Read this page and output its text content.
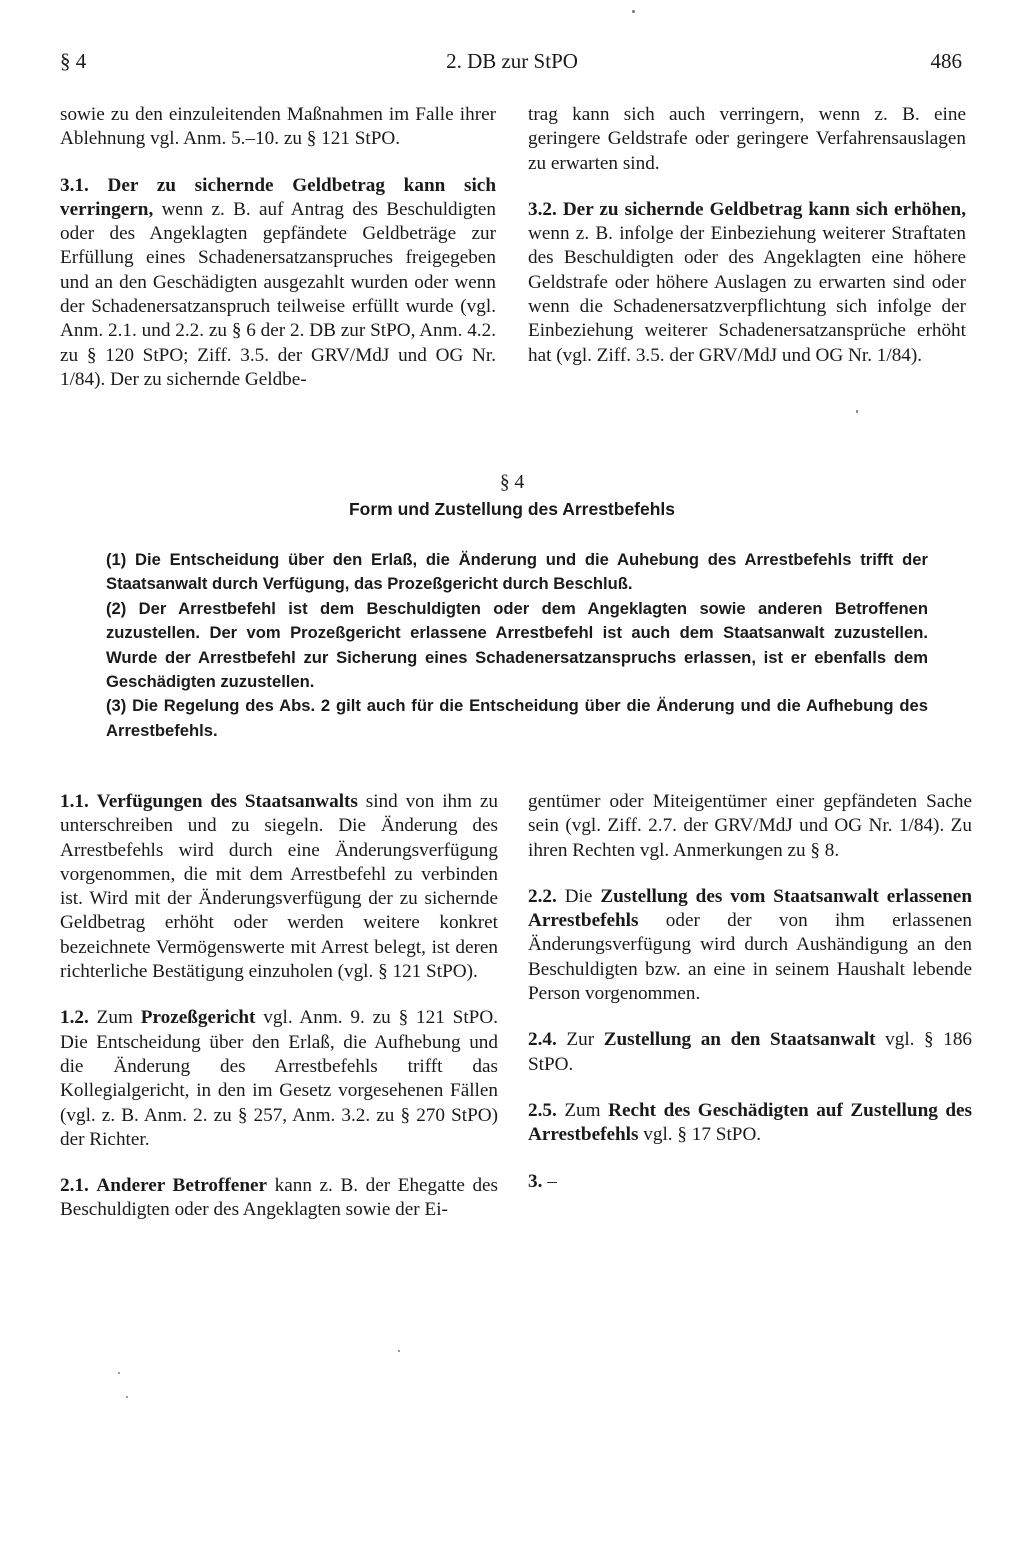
§ 4	2. DB zur StPO	486

sowie zu den einzuleitenden Maßnahmen im Falle ihrer Ablehnung vgl. Anm. 5.–10. zu § 121 StPO.

3.1. Der zu sichernde Geldbetrag kann sich verringern, wenn z. B. auf Antrag des Beschuldigten oder des Angeklagten gepfändete Geldbeträge zur Erfüllung eines Schadenersatzanspruches freigegeben und an den Geschädigten ausgezahlt wurden oder wenn der Schadenersatzanspruch teilweise erfüllt wurde (vgl. Anm. 2.1. und 2.2. zu § 6 der 2. DB zur StPO, Anm. 4.2. zu § 120 StPO; Ziff. 3.5. der GRV/MdJ und OG Nr. 1/84). Der zu sichernde Geldbe-

trag kann sich auch verringern, wenn z. B. eine geringere Geldstrafe oder geringere Verfahrensauslagen zu erwarten sind.

3.2. Der zu sichernde Geldbetrag kann sich erhöhen, wenn z. B. infolge der Einbeziehung weiterer Straftaten des Beschuldigten oder des Angeklagten eine höhere Geldstrafe oder höhere Auslagen zu erwarten sind oder wenn die Schadenersatzverpflichtung sich infolge der Einbeziehung weiterer Schadenersatzansprüche erhöht hat (vgl. Ziff. 3.5. der GRV/MdJ und OG Nr. 1/84).

§ 4
Form und Zustellung des Arrestbefehls

(1) Die Entscheidung über den Erlaß, die Änderung und die Auhebung des Arrestbefehls trifft der Staatsanwalt durch Verfügung, das Prozeßgericht durch Beschluß.

(2) Der Arrestbefehl ist dem Beschuldigten oder dem Angeklagten sowie anderen Betroffenen zuzustellen. Der vom Prozeßgericht erlassene Arrestbefehl ist auch dem Staatsanwalt zuzustellen. Wurde der Arrestbefehl zur Sicherung eines Schadenersatzanspruchs erlassen, ist er ebenfalls dem Geschädigten zuzustellen.

(3) Die Regelung des Abs. 2 gilt auch für die Entscheidung über die Änderung und die Aufhebung des Arrestbefehls.

1.1. Verfügungen des Staatsanwalts sind von ihm zu unterschreiben und zu siegeln. Die Änderung des Arrestbefehls wird durch eine Änderungsverfügung vorgenommen, die mit dem Arrestbefehl zu verbinden ist. Wird mit der Änderungsverfügung der zu sichernde Geldbetrag erhöht oder werden weitere konkret bezeichnete Vermögenswerte mit Arrest belegt, ist deren richterliche Bestätigung einzuholen (vgl. § 121 StPO).

1.2. Zum Prozeßgericht vgl. Anm. 9. zu § 121 StPO. Die Entscheidung über den Erlaß, die Aufhebung und die Änderung des Arrestbefehls trifft das Kollegialgericht, in den im Gesetz vorgesehenen Fällen (vgl. z. B. Anm. 2. zu § 257, Anm. 3.2. zu § 270 StPO) der Richter.

2.1. Anderer Betroffener kann z. B. der Ehegatte des Beschuldigten oder des Angeklagten sowie der Ei-

gentümer oder Miteigentümer einer gepfändeten Sache sein (vgl. Ziff. 2.7. der GRV/MdJ und OG Nr. 1/84). Zu ihren Rechten vgl. Anmerkungen zu § 8.

2.2. Die Zustellung des vom Staatsanwalt erlassenen Arrestbefehls oder der von ihm erlassenen Änderungsverfügung wird durch Aushändigung an den Beschuldigten bzw. an eine in seinem Haushalt lebende Person vorgenommen.

2.4. Zur Zustellung an den Staatsanwalt vgl. § 186 StPO.

2.5. Zum Recht des Geschädigten auf Zustellung des Arrestbefehls vgl. § 17 StPO.

3. –
